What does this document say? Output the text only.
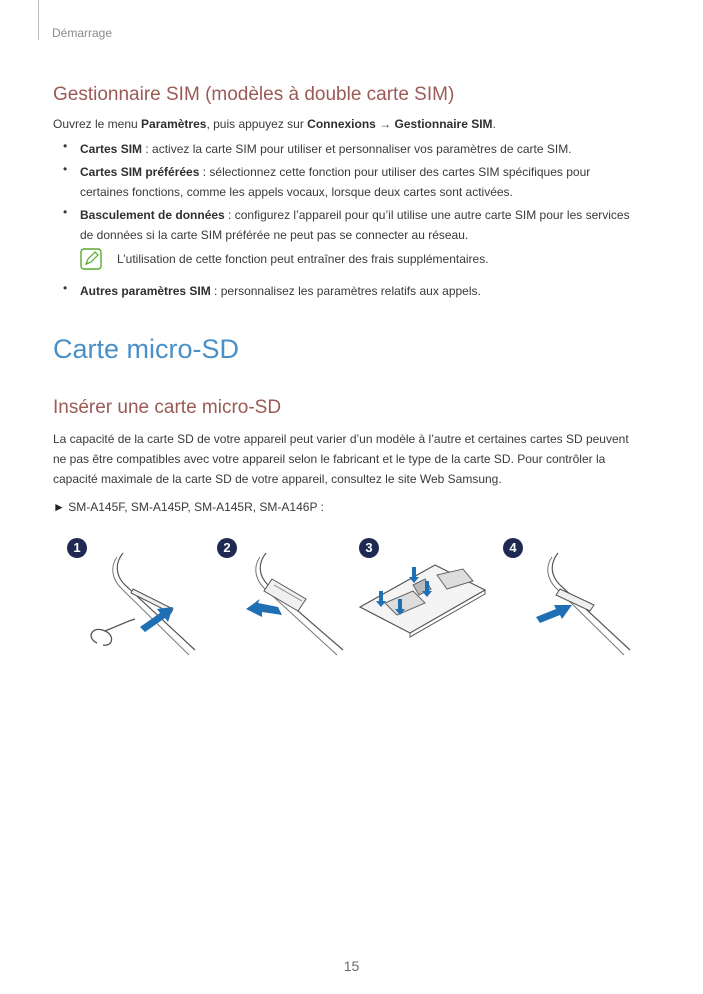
Démarrage
Gestionnaire SIM (modèles à double carte SIM)
Ouvrez le menu Paramètres, puis appuyez sur Connexions → Gestionnaire SIM.
• Cartes SIM : activez la carte SIM pour utiliser et personnaliser vos paramètres de carte SIM.
• Cartes SIM préférées : sélectionnez cette fonction pour utiliser des cartes SIM spécifiques pour
certaines fonctions, comme les appels vocaux, lorsque deux cartes sont activées.
• Basculement de données : configurez l’appareil pour qu’il utilise une autre carte SIM pour les services
de données si la carte SIM préférée ne peut pas se connecter au réseau.
L’utilisation de cette fonction peut entraîner des frais supplémentaires.
• Autres paramètres SIM : personnalisez les paramètres relatifs aux appels.
Carte micro-SD
Insérer une carte micro-SD
La capacité de la carte SD de votre appareil peut varier d’un modèle à l’autre et certaines cartes SD peuvent
ne pas être compatibles avec votre appareil selon le fabricant et le type de la carte SD. Pour contrôler la
capacité maximale de la carte SD de votre appareil, consultez le site Web Samsung.
► SM-A145F, SM-A145P, SM-A145R, SM-A146P :
1	2	3	4
15
